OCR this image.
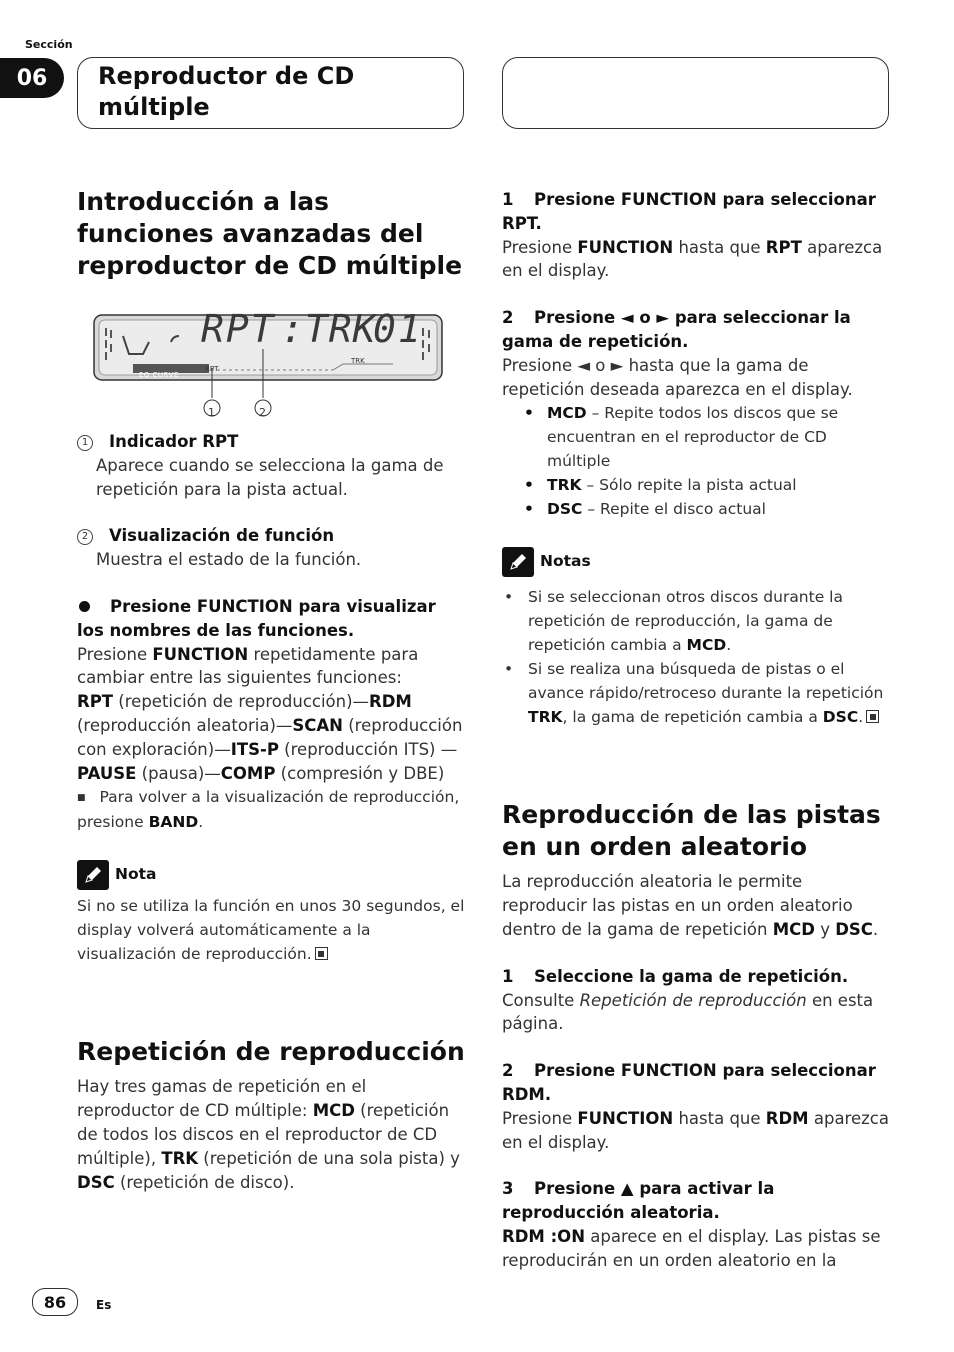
Sección
06	Reproductor de CD múltiple
Introducción a las funciones avanzadas del reproductor de CD múltiple
RPT :TRK
TRK
01
EQ CURVE
RPT
1	2

1 Indicador RPT

Aparece cuando se selecciona la gama de repetición para la pista actual.

2 Visualización de función

Muestra el estado de la función.

Presione FUNCTION para visualizar los nombres de las funciones.

Presione FUNCTION repetidamente para cambiar entre las siguientes funciones:

RPT (repetición de reproducción)—RDM (reproducción aleatoria)—SCAN (reproducción con exploración)—ITS-P (reproducción ITS) —PAUSE (pausa)—COMP (compresión y DBE)

■ Para volver a la visualización de reproducción, presione BAND.

Nota

Si no se utiliza la función en unos 30 segundos, el display volverá automáticamente a la visualización de reproducción.

Repetición de reproducción

Hay tres gamas de repetición en el reproductor de CD múltiple: MCD (repetición de todos los discos en el reproductor de CD múltiple), TRK (repetición de una sola pista) y DSC (repetición de disco).

1 Presione FUNCTION para seleccionar RPT.

Presione FUNCTION hasta que RPT aparezca en el display.

2 Presione ◄ o ► para seleccionar la gama de repetición.

Presione ◄ o ► hasta que la gama de repetición deseada aparezca en el display.

• MCD – Repite todos los discos que se encuentran en el reproductor de CD múltiple
• TRK – Sólo repite la pista actual
• DSC – Repite el disco actual
Notas
• Si se seleccionan otros discos durante la repetición de reproducción, la gama de repetición cambia a MCD.
• Si se realiza una búsqueda de pistas o el avance rápido/retroceso durante la repetición TRK, la gama de repetición cambia a DSC.
Reproducción de las pistas en un orden aleatorio

La reproducción aleatoria le permite reproducir las pistas en un orden aleatorio dentro de la gama de repetición MCD y DSC.

1 Seleccione la gama de repetición.

Consulte Repetición de reproducción en esta página.

2 Presione FUNCTION para seleccionar RDM.

Presione FUNCTION hasta que RDM aparezca en el display.

3 Presione ▲ para activar la reproducción aleatoria.

RDM :ON aparece en el display. Las pistas se reproducirán en un orden aleatorio en la

86	Es
